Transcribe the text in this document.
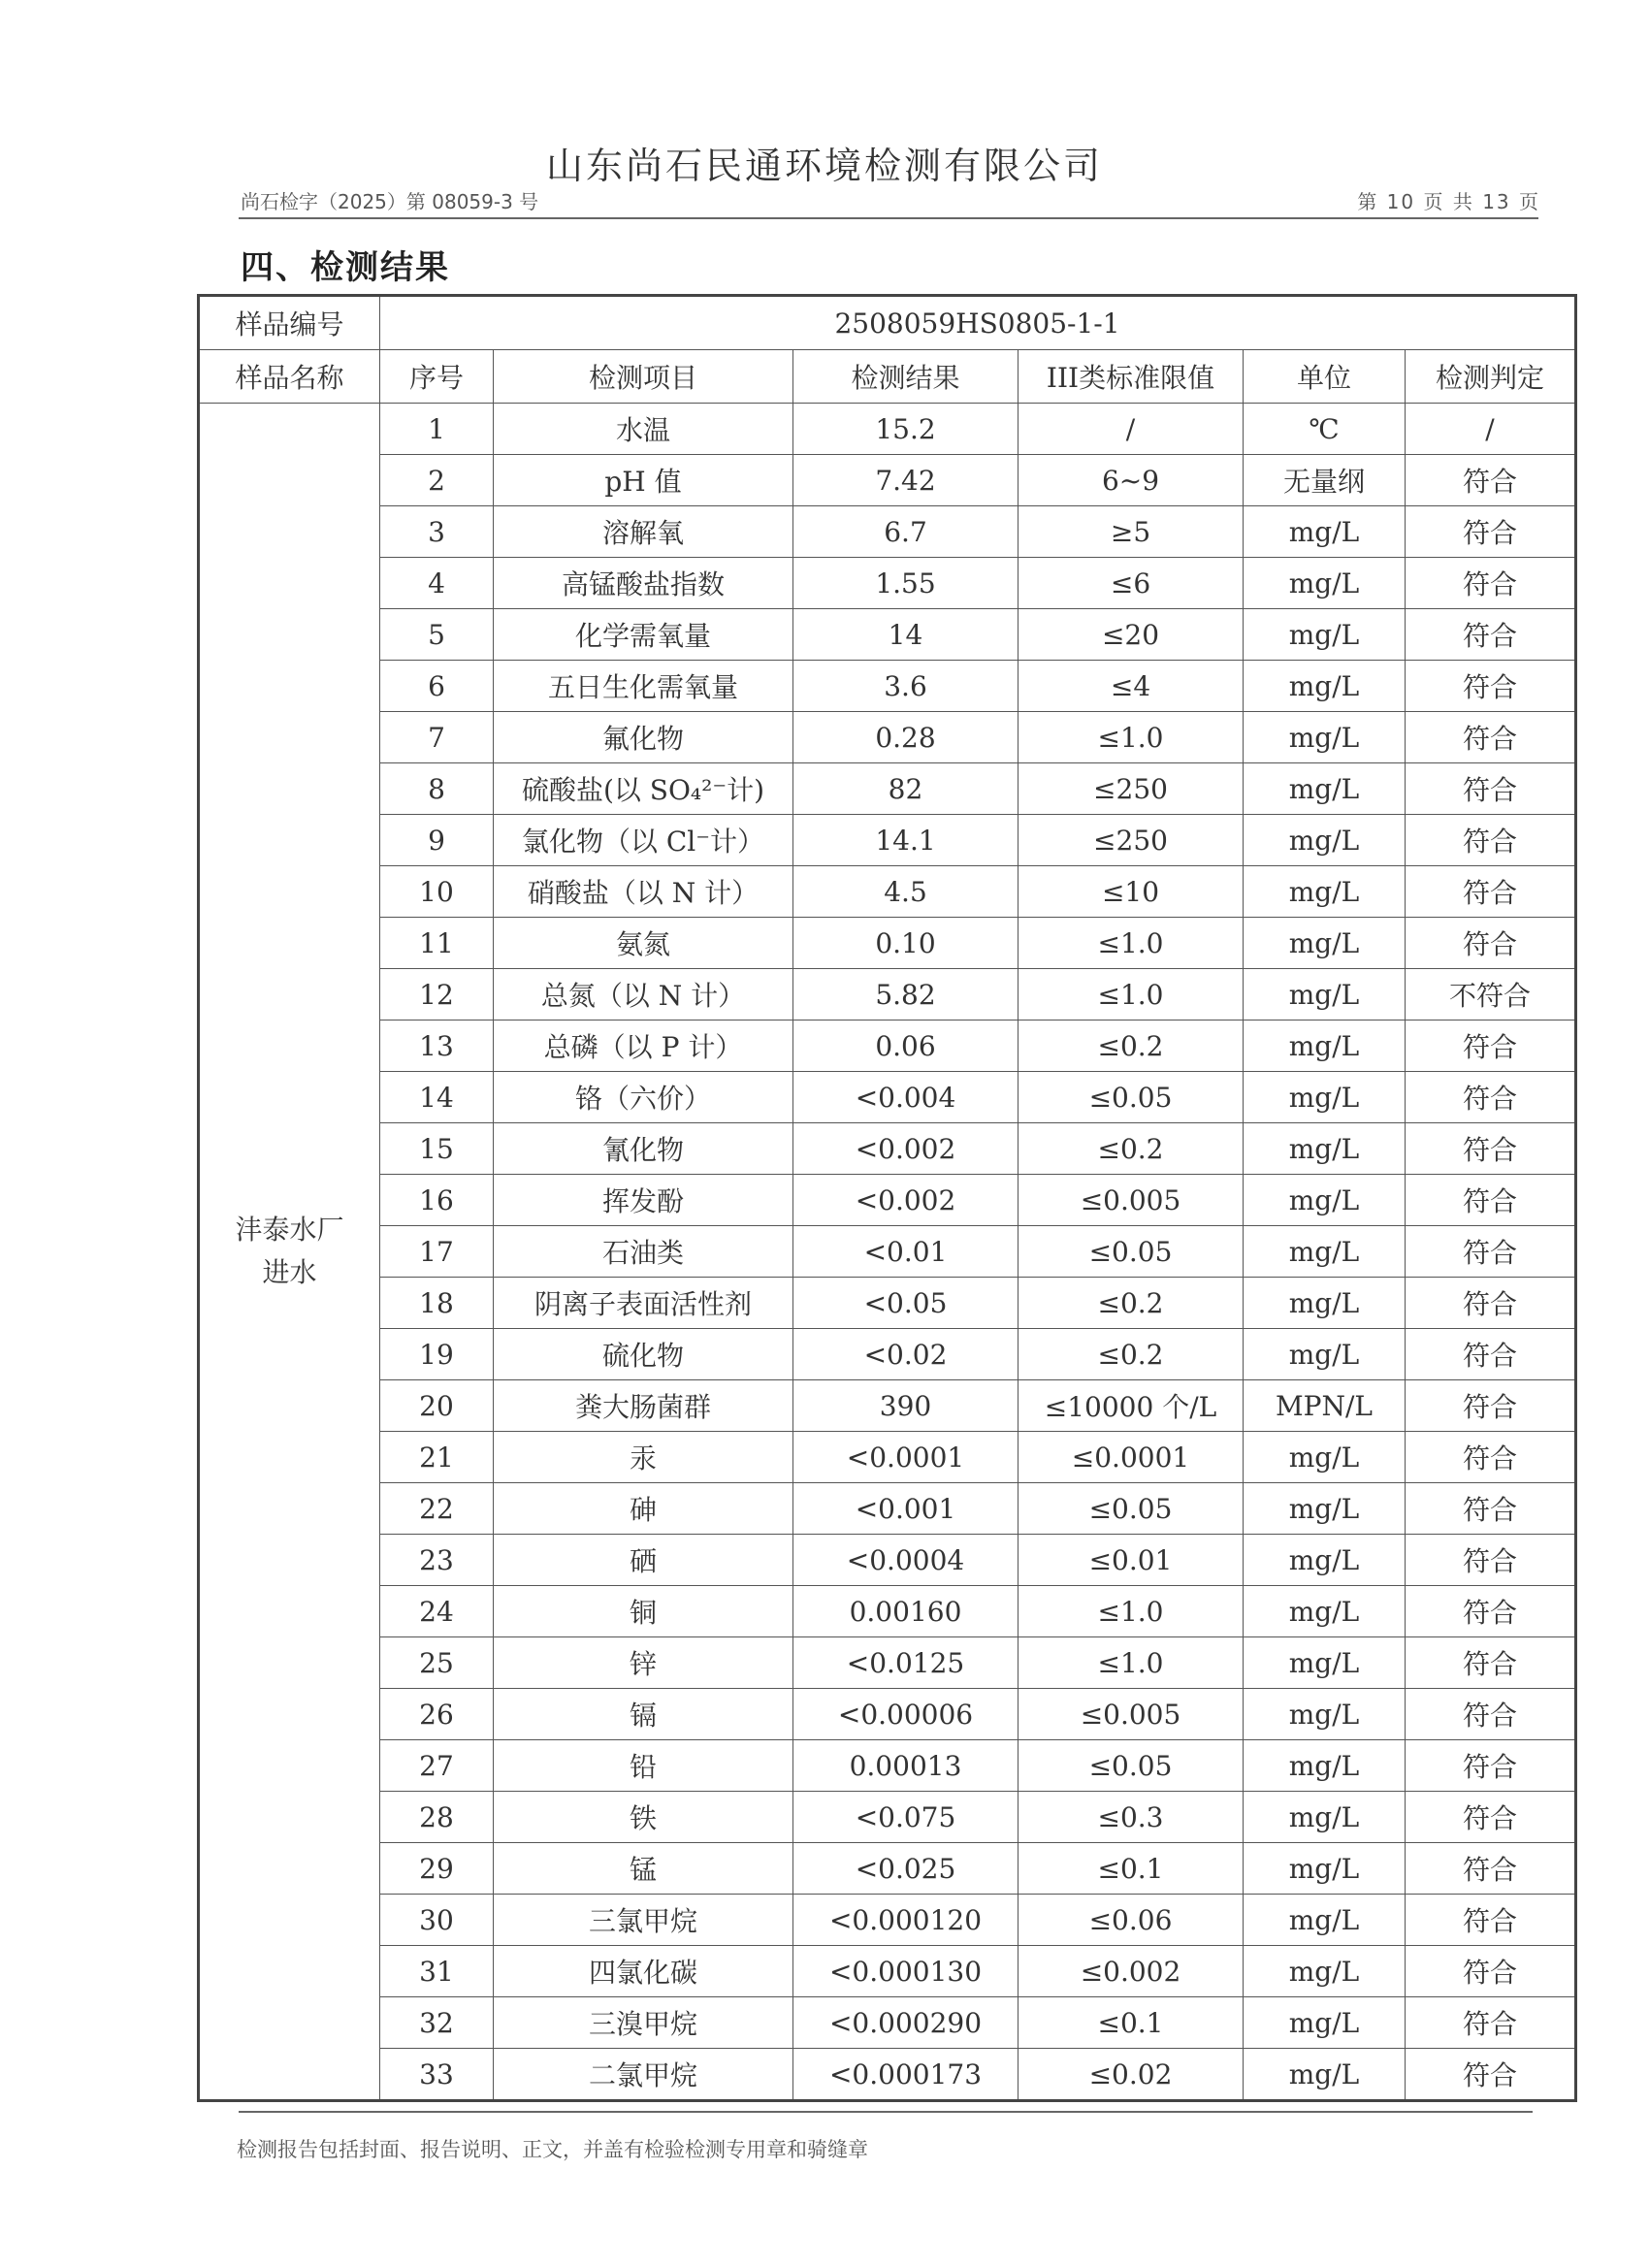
山东尚石民通环境检测有限公司
尚石检字（2025）第 08059-3 号	第 10 页 共 13 页
四、检测结果
样品编号	2508059HS0805-1-1					
样品名称	序号	检测项目	检测结果	III类标准限值	单位	检测判定
沣泰水厂进水	1	水温	15.2	/	℃	/
	2	pH 值	7.42	6~9	无量纲	符合
	3	溶解氧	6.7	≥5	mg/L	符合
	4	高锰酸盐指数	1.55	≤6	mg/L	符合
	5	化学需氧量	14	≤20	mg/L	符合
	6	五日生化需氧量	3.6	≤4	mg/L	符合
	7	氟化物	0.28	≤1.0	mg/L	符合
	8	硫酸盐(以 SO₄²⁻计)	82	≤250	mg/L	符合
	9	氯化物（以 Cl⁻计）	14.1	≤250	mg/L	符合
	10	硝酸盐（以 N 计）	4.5	≤10	mg/L	符合
	11	氨氮	0.10	≤1.0	mg/L	符合
	12	总氮（以 N 计）	5.82	≤1.0	mg/L	不符合
	13	总磷（以 P 计）	0.06	≤0.2	mg/L	符合
	14	铬（六价）	<0.004	≤0.05	mg/L	符合
	15	氰化物	<0.002	≤0.2	mg/L	符合
	16	挥发酚	<0.002	≤0.005	mg/L	符合
	17	石油类	<0.01	≤0.05	mg/L	符合
	18	阴离子表面活性剂	<0.05	≤0.2	mg/L	符合
	19	硫化物	<0.02	≤0.2	mg/L	符合
	20	粪大肠菌群	390	≤10000 个/L	MPN/L	符合
	21	汞	<0.0001	≤0.0001	mg/L	符合
	22	砷	<0.001	≤0.05	mg/L	符合
	23	硒	<0.0004	≤0.01	mg/L	符合
	24	铜	0.00160	≤1.0	mg/L	符合
	25	锌	<0.0125	≤1.0	mg/L	符合
	26	镉	<0.00006	≤0.005	mg/L	符合
	27	铅	0.00013	≤0.05	mg/L	符合
	28	铁	<0.075	≤0.3	mg/L	符合
	29	锰	<0.025	≤0.1	mg/L	符合
	30	三氯甲烷	<0.000120	≤0.06	mg/L	符合
	31	四氯化碳	<0.000130	≤0.002	mg/L	符合
	32	三溴甲烷	<0.000290	≤0.1	mg/L	符合
	33	二氯甲烷	<0.000173	≤0.02	mg/L	符合
检测报告包括封面、报告说明、正文，并盖有检验检测专用章和骑缝章
